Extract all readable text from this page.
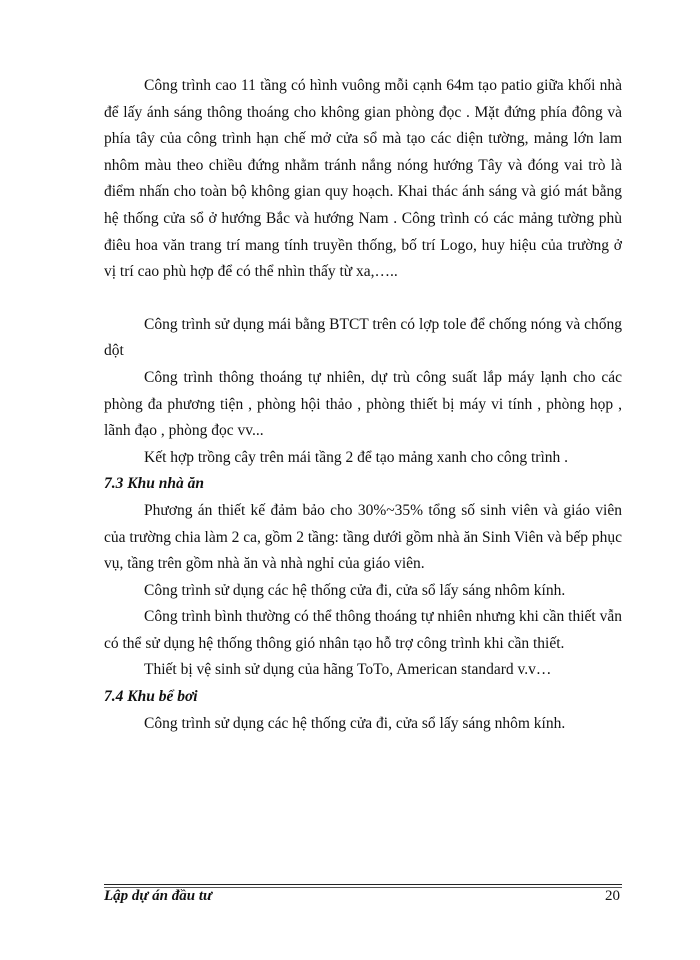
Công trình cao 11 tầng có hình vuông mỗi cạnh 64m tạo patio giữa khối nhà để lấy ánh sáng thông thoáng cho không gian phòng đọc . Mặt đứng phía đông và phía tây của công trình hạn chế mở cửa sổ mà tạo các diện tường, mảng lớn lam nhôm màu theo chiều đứng nhằm tránh nắng nóng hướng Tây và đóng vai trò là điểm nhấn cho toàn bộ không gian quy hoạch. Khai thác ánh sáng và gió mát bằng hệ thống cửa sổ ở hướng Bắc và hướng Nam . Công trình có các mảng tường phù điêu hoa văn trang trí mang tính truyền thống, bố trí Logo, huy hiệu của trường ở vị trí cao phù hợp để có thể nhìn thấy từ xa,…..

Công trình sử dụng mái bằng BTCT trên có lợp tole để chống nóng và chống dột

Công trình thông thoáng tự nhiên, dự trù công suất lắp máy lạnh cho các phòng đa phương tiện , phòng hội thảo , phòng thiết bị máy vi tính , phòng họp , lãnh đạo , phòng đọc vv...

Kết hợp trồng cây trên mái tầng 2 để tạo mảng xanh cho công trình .

7.3 Khu nhà ăn

Phương án thiết kế đảm bảo cho 30%~35% tổng số sinh viên và giáo viên của trường chia làm 2 ca, gồm 2 tầng: tầng dưới gồm nhà ăn Sinh Viên và bếp phục vụ, tầng trên gồm nhà ăn và nhà nghỉ của giáo viên.

Công trình sử dụng các hệ thống cửa đi, cửa sổ lấy sáng nhôm kính.

Công trình bình thường có thể thông thoáng tự nhiên nhưng khi cần thiết vẫn có thể sử dụng hệ thống thông gió nhân tạo hỗ trợ công trình khi cần thiết.

Thiết bị vệ sinh sử dụng của hãng ToTo, American standard v.v…

7.4 Khu bể bơi

Công trình sử dụng các hệ thống cửa đi, cửa sổ lấy sáng nhôm kính.

Lập dự án đầu tư	20
